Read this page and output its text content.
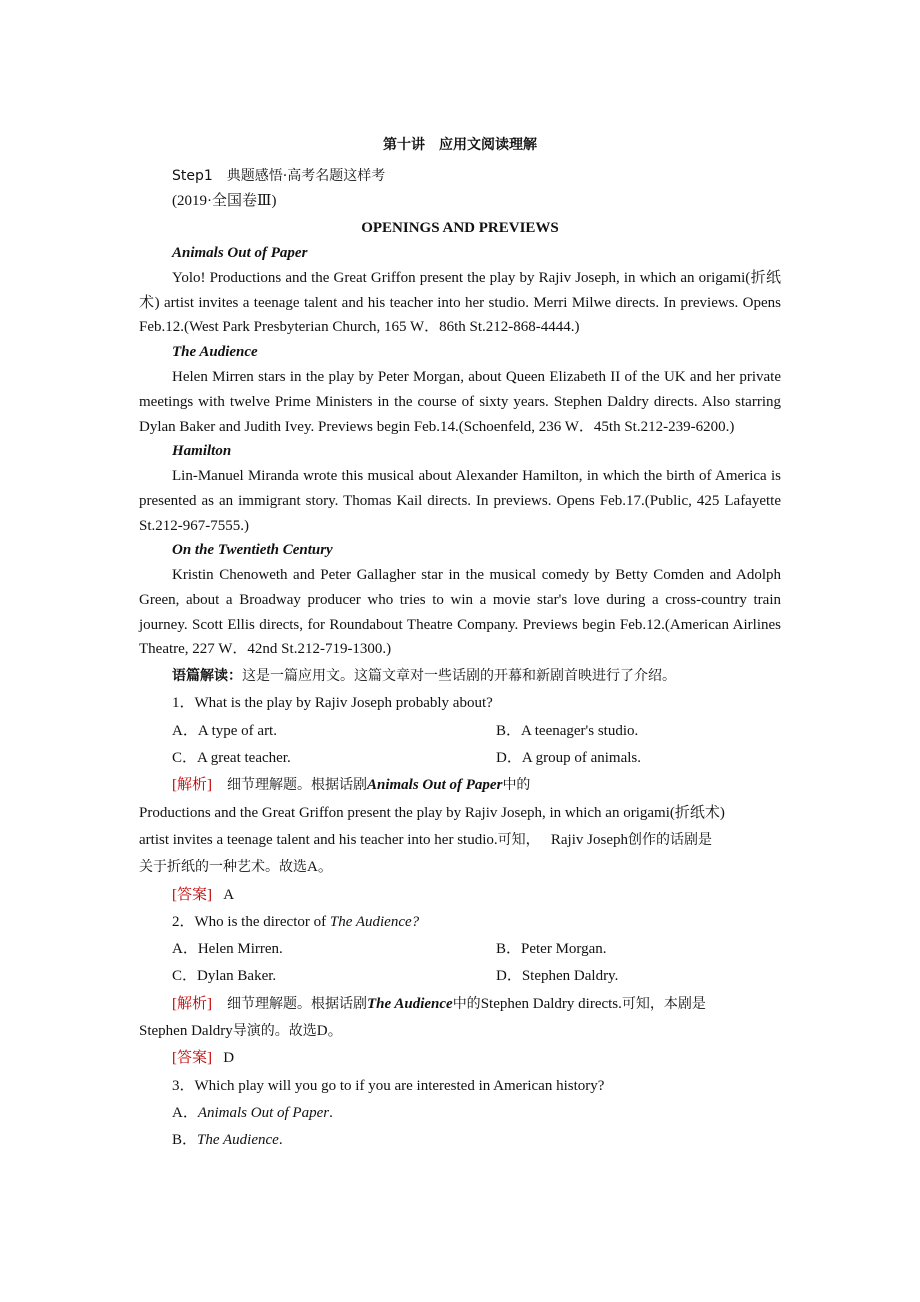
第十讲　应用文阅读理解
Step1　典题感悟·高考名题这样考
(2019·全国卷Ⅲ)
OPENINGS AND PREVIEWS
Animals Out of Paper

Yolo! Productions and the Great Griffon present the play by Rajiv Joseph, in which an origami(折纸术) artist invites a teenage talent and his teacher into her studio. Merri Milwe directs. In previews. Opens Feb.12.(West Park Presbyterian Church, 165 W．86th St.212-868-4444.)

The Audience

Helen Mirren stars in the play by Peter Morgan, about Queen Elizabeth II of the UK and her private meetings with twelve Prime Ministers in the course of sixty years. Stephen Daldry directs. Also starring Dylan Baker and Judith Ivey. Previews begin Feb.14.(Schoenfeld, 236 W．45th St.212-239-6200.)

Hamilton

Lin-Manuel Miranda wrote this musical about Alexander Hamilton, in which the birth of America is presented as an immigrant story. Thomas Kail directs. In previews. Opens Feb.17.(Public, 425 Lafayette St.212-967-7555.)

On the Twentieth Century

Kristin Chenoweth and Peter Gallagher star in the musical comedy by Betty Comden and Adolph Green, about a Broadway producer who tries to win a movie star's love during a cross-country train journey. Scott Ellis directs, for Roundabout Theatre Company. Previews begin Feb.12.(American Airlines Theatre, 227 W．42nd St.212-719-1300.)

语篇解读：这是一篇应用文。这篇文章对一些话剧的开幕和新剧首映进行了介绍。
1．What is the play by Rajiv Joseph probably about?
A．A type of art.	B．A teenager's studio.
C．A great teacher.	D．A group of animals.
[解析] 细节理解题。根据话剧Animals Out of Paper中的
Productions and the Great Griffon present the play by Rajiv Joseph, in which an origami(折纸术)
artist invites a teenage talent and his teacher into her studio.可知， Rajiv Joseph创作的话剧是
关于折纸的一种艺术。故选A。
[答案] A
2．Who is the director of The Audience?
A．Helen Mirren.	B．Peter Morgan.
C．Dylan Baker.	D．Stephen Daldry.
[解析] 细节理解题。根据话剧The Audience中的Stephen Daldry directs.可知，本剧是
Stephen Daldry导演的。故选D。
[答案] D
3．Which play will you go to if you are interested in American history?
A．Animals Out of Paper.
B．The Audience.
